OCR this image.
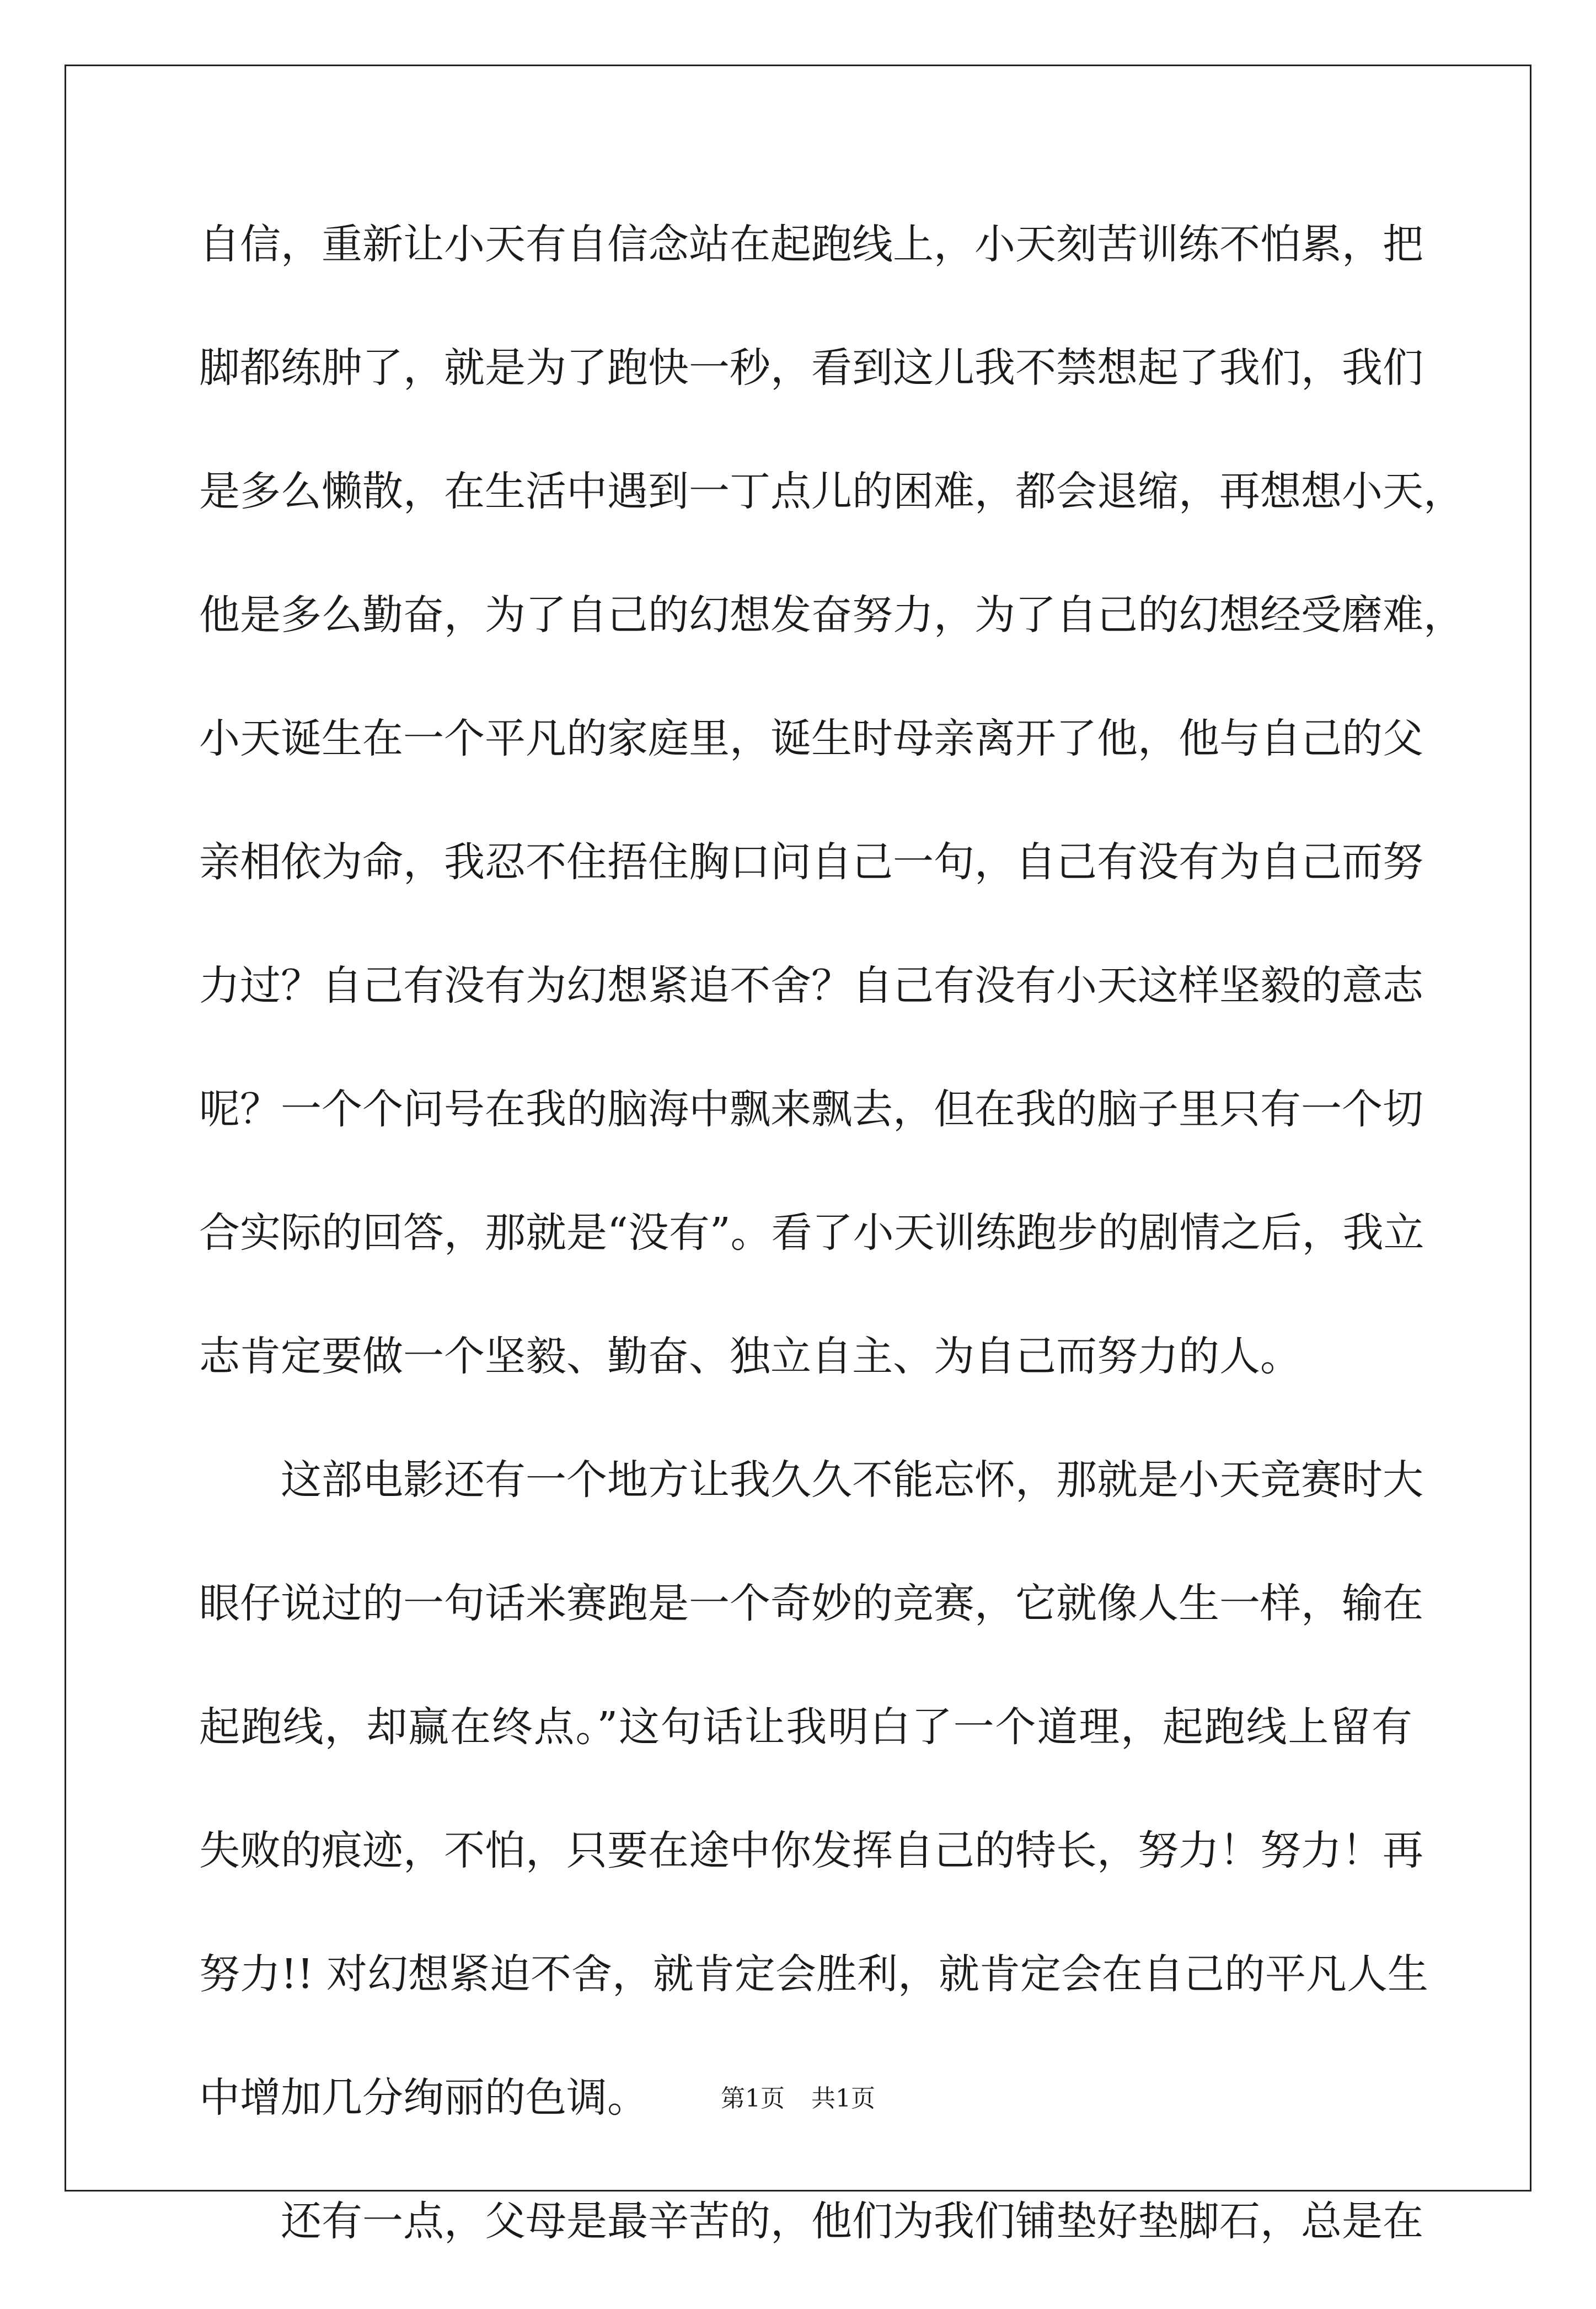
自信，重新让小天有自信念站在起跑线上，小天刻苦训练不怕累，把
脚都练肿了，就是为了跑快一秒，看到这儿我不禁想起了我们，我们
是多么懒散，在生活中遇到一丁点儿的困难，都会退缩，再想想小天，
他是多么勤奋，为了自己的幻想发奋努力，为了自己的幻想经受磨难，
小天诞生在一个平凡的家庭里，诞生时母亲离开了他，他与自己的父
亲相依为命，我忍不住捂住胸口问自己一句，自己有没有为自己而努
力过？自己有没有为幻想紧追不舍？自己有没有小天这样坚毅的意志
呢？一个个问号在我的脑海中飘来飘去，但在我的脑子里只有一个切
合实际的回答，那就是“没有”。看了小天训练跑步的剧情之后，我立
志肯定要做一个坚毅、勤奋、独立自主、为自己而努力的人。
这部电影还有一个地方让我久久不能忘怀，那就是小天竞赛时大
眼仔说过的一句话米赛跑是一个奇妙的竞赛，它就像人生一样，输在
起跑线，却赢在终点。”这句话让我明白了一个道理，起跑线上留有
失败的痕迹，不怕，只要在途中你发挥自己的特长，努力！努力！再
努力!! 对幻想紧迫不舍，就肯定会胜利，就肯定会在自己的平凡人生
中增加几分绚丽的色调。
还有一点，父母是最辛苦的，他们为我们铺垫好垫脚石，总是在
第1页 共1页
